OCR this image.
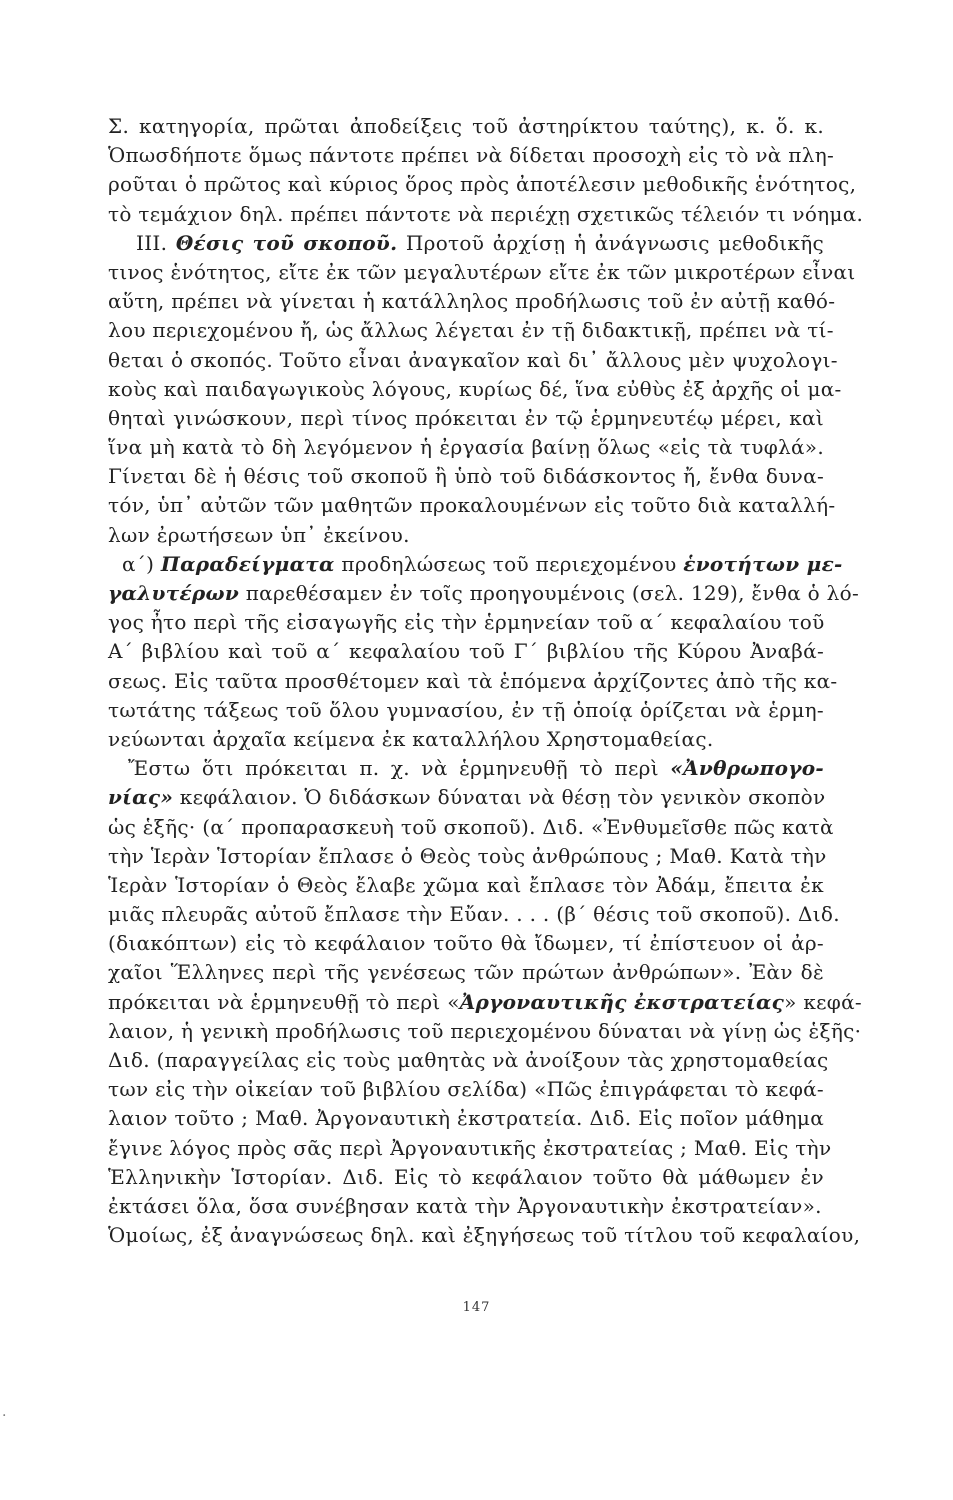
Σ. κατηγορία, πρῶται ἀποδείξεις τοῦ ἀστηρίκτου ταύτης), κ. ὅ. κ.
Ὁπωσδήποτε ὅμως πάντοτε πρέπει νὰ δίδεται προσοχὴ εἰς τὸ νὰ πλη-
ροῦται ὁ πρῶτος καὶ κύριος ὅρος πρὸς ἀποτέλεσιν μεθοδικῆς ἑνότητος,
τὸ τεμάχιον δηλ. πρέπει πάντοτε νὰ περιέχῃ σχετικῶς τέλειόν τι νόημα.
III. Θέσις τοῦ σκοποῦ. Προτοῦ ἀρχίσῃ ἡ ἀνάγνωσις μεθοδικῆς
τινος ἑνότητος, εἴτε ἐκ τῶν μεγαλυτέρων εἴτε ἐκ τῶν μικροτέρων εἶναι
αὕτη, πρέπει νὰ γίνεται ἡ κατάλληλος προδήλωσις τοῦ ἐν αὐτῇ καθό-
λου περιεχομένου ἤ, ὡς ἄλλως λέγεται ἐν τῇ διδακτικῇ, πρέπει νὰ τί-
θεται ὁ σκοπός. Τοῦτο εἶναι ἀναγκαῖον καὶ δι᾿ ἄλλους μὲν ψυχολογι-
κοὺς καὶ παιδαγωγικοὺς λόγους, κυρίως δέ, ἵνα εὐθὺς ἐξ ἀρχῆς οἱ μα-
θηταὶ γινώσκουν, περὶ τίνος πρόκειται ἐν τῷ ἑρμηνευτέῳ μέρει, καὶ
ἵνα μὴ κατὰ τὸ δὴ λεγόμενον ἡ ἐργασία βαίνῃ ὅλως «εἰς τὰ τυφλά».
Γίνεται δὲ ἡ θέσις τοῦ σκοποῦ ἢ ὑπὸ τοῦ διδάσκοντος ἤ, ἔνθα δυνα-
τόν, ὑπ᾿ αὐτῶν τῶν μαθητῶν προκαλουμένων εἰς τοῦτο διὰ καταλλή-
λων ἐρωτήσεων ὑπ᾿ ἐκείνου.
α΄) Παραδείγματα προδηλώσεως τοῦ περιεχομένου ἑνοτήτων με-
γαλυτέρων παρεθέσαμεν ἐν τοῖς προηγουμένοις (σελ. 129), ἔνθα ὁ λό-
γος ἦτο περὶ τῆς εἰσαγωγῆς εἰς τὴν ἑρμηνείαν τοῦ α΄ κεφαλαίου τοῦ
Α΄ βιβλίου καὶ τοῦ α΄ κεφαλαίου τοῦ Γ΄ βιβλίου τῆς Κύρου Ἀναβά-
σεως. Εἰς ταῦτα προσθέτομεν καὶ τὰ ἑπόμενα ἀρχίζοντες ἀπὸ τῆς κα-
τωτάτης τάξεως τοῦ ὅλου γυμνασίου, ἐν τῇ ὁποίᾳ ὁρίζεται νὰ ἑρμη-
νεύωνται ἀρχαῖα κείμενα ἐκ καταλλήλου Χρηστομαθείας.
Ἔστω ὅτι πρόκειται π. χ. νὰ ἑρμηνευθῇ τὸ περὶ «Ἀνθρωπογο-
νίας» κεφάλαιον. Ὁ διδάσκων δύναται νὰ θέσῃ τὸν γενικὸν σκοπὸν
ὡς ἑξῆς· (α΄ προπαρασκευὴ τοῦ σκοποῦ). Διδ. «Ἐνθυμεῖσθε πῶς κατὰ
τὴν Ἱερὰν Ἱστορίαν ἔπλασε ὁ Θεὸς τοὺς ἀνθρώπους ; Μαθ. Κατὰ τὴν
Ἱερὰν Ἱστορίαν ὁ Θεὸς ἔλαβε χῶμα καὶ ἔπλασε τὸν Ἀδάμ, ἔπειτα ἐκ
μιᾶς πλευρᾶς αὐτοῦ ἔπλασε τὴν Εὔαν. . . . (β΄ θέσις τοῦ σκοποῦ). Διδ.
(διακόπτων) εἰς τὸ κεφάλαιον τοῦτο θὰ ἴδωμεν, τί ἐπίστευον οἱ ἀρ-
χαῖοι Ἕλληνες περὶ τῆς γενέσεως τῶν πρώτων ἀνθρώπων». Ἐὰν δὲ
πρόκειται νὰ ἑρμηνευθῇ τὸ περὶ «Ἀργοναυτικῆς ἐκστρατείας» κεφά-
λαιον, ἡ γενικὴ προδήλωσις τοῦ περιεχομένου δύναται νὰ γίνῃ ὡς ἑξῆς·
Διδ. (παραγγείλας εἰς τοὺς μαθητὰς νὰ ἀνοίξουν τὰς χρηστομαθείας
των εἰς τὴν οἰκείαν τοῦ βιβλίου σελίδα) «Πῶς ἐπιγράφεται τὸ κεφά-
λαιον τοῦτο ; Μαθ. Ἀργοναυτικὴ ἐκστρατεία. Διδ. Εἰς ποῖον μάθημα
ἔγινε λόγος πρὸς σᾶς περὶ Ἀργοναυτικῆς ἐκστρατείας ; Μαθ. Εἰς τὴν
Ἑλληνικὴν Ἱστορίαν. Διδ. Εἰς τὸ κεφάλαιον τοῦτο θὰ μάθωμεν ἐν
ἐκτάσει ὅλα, ὅσα συνέβησαν κατὰ τὴν Ἀργοναυτικὴν ἐκστρατείαν».
Ὁμοίως, ἐξ ἀναγνώσεως δηλ. καὶ ἐξηγήσεως τοῦ τίτλου τοῦ κεφαλαίου,
147
·
